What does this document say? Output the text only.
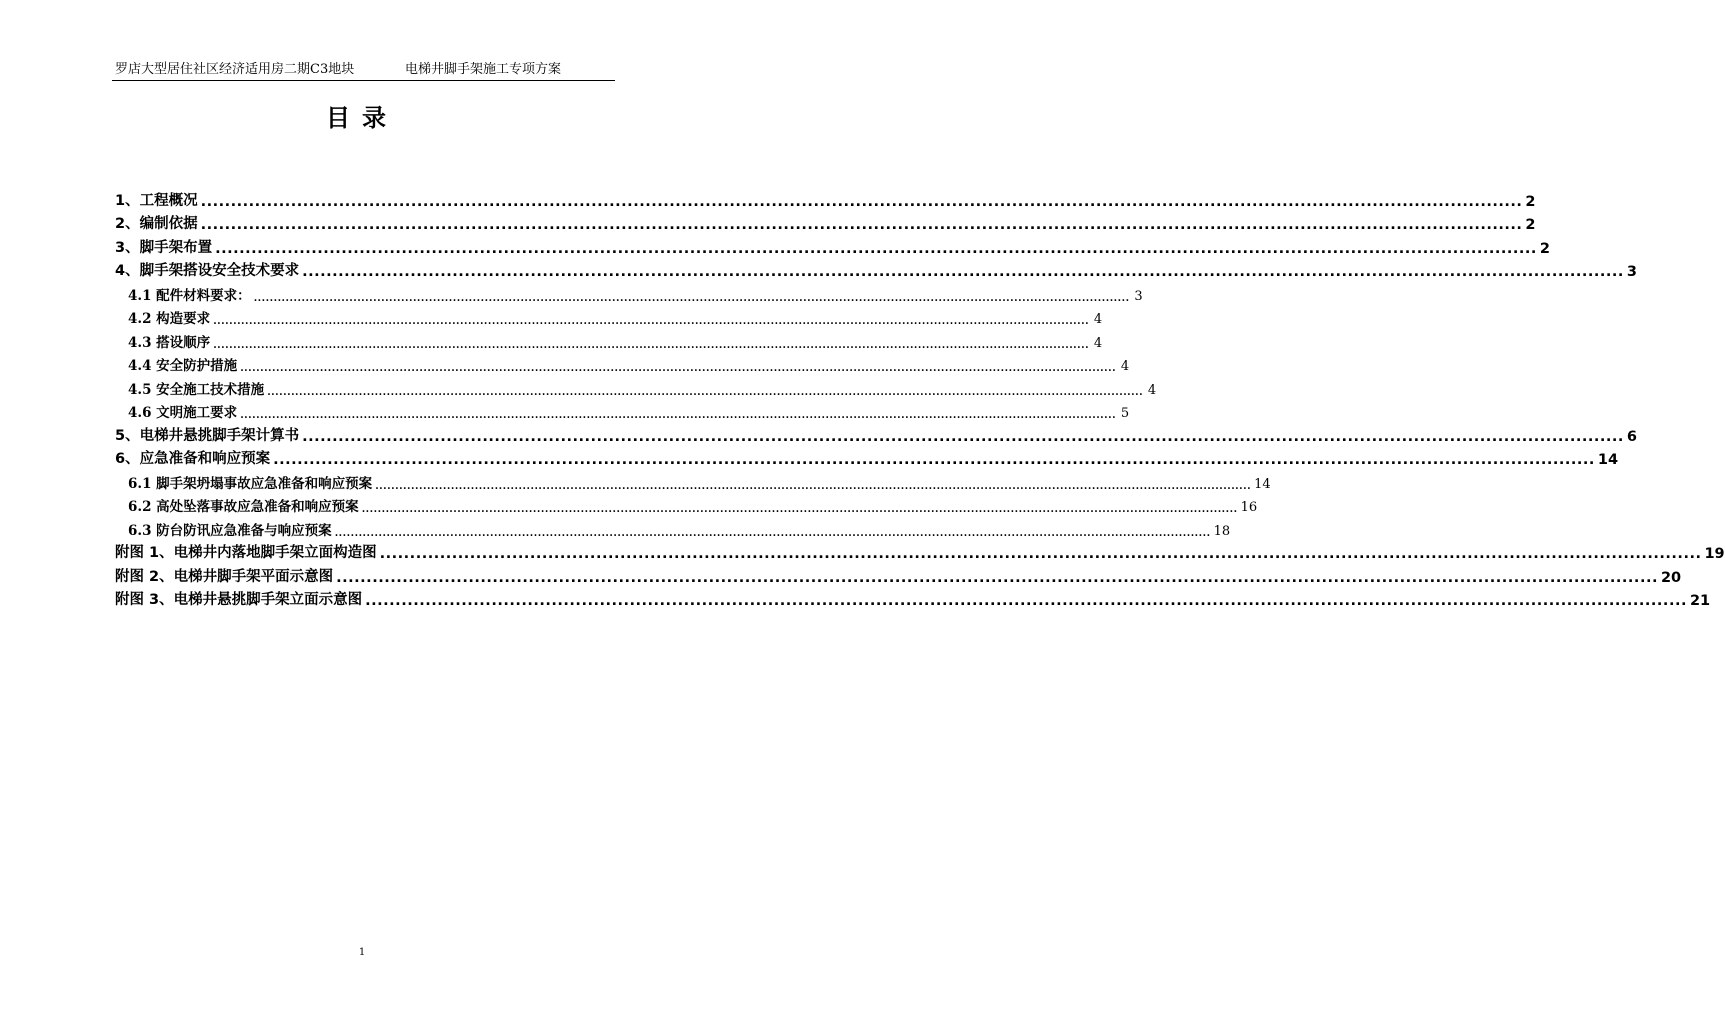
罗店大型居住社区经济适用房二期C3地块	电梯井脚手架施工专项方案
目录
1、工程概况 ............................................................................................................................................................................................................................ 2
2、编制依据 ............................................................................................................................................................................................................................ 2
3、脚手架布置 ............................................................................................................................................................................................................................ 2
4、脚手架搭设安全技术要求 ............................................................................................................................................................................................................................ 3
4.1 配件材料要求： ............................................................................................................................................................................................................................ 3
4.2 构造要求 ............................................................................................................................................................................................................................ 4
4.3 搭设顺序 ............................................................................................................................................................................................................................ 4
4.4 安全防护措施 ............................................................................................................................................................................................................................ 4
4.5 安全施工技术措施 ............................................................................................................................................................................................................................ 4
4.6 文明施工要求 ............................................................................................................................................................................................................................ 5
5、电梯井悬挑脚手架计算书 ............................................................................................................................................................................................................................ 6
6、应急准备和响应预案 ............................................................................................................................................................................................................................ 14
6.1 脚手架坍塌事故应急准备和响应预案 ............................................................................................................................................................................................................................ 14
6.2 高处坠落事故应急准备和响应预案 ............................................................................................................................................................................................................................ 16
6.3 防台防讯应急准备与响应预案 ............................................................................................................................................................................................................................ 18
附图 1、电梯井内落地脚手架立面构造图 ............................................................................................................................................................................................................................ 19
附图 2、电梯井脚手架平面示意图 ............................................................................................................................................................................................................................ 20
附图 3、电梯井悬挑脚手架立面示意图 ............................................................................................................................................................................................................................ 21
1
